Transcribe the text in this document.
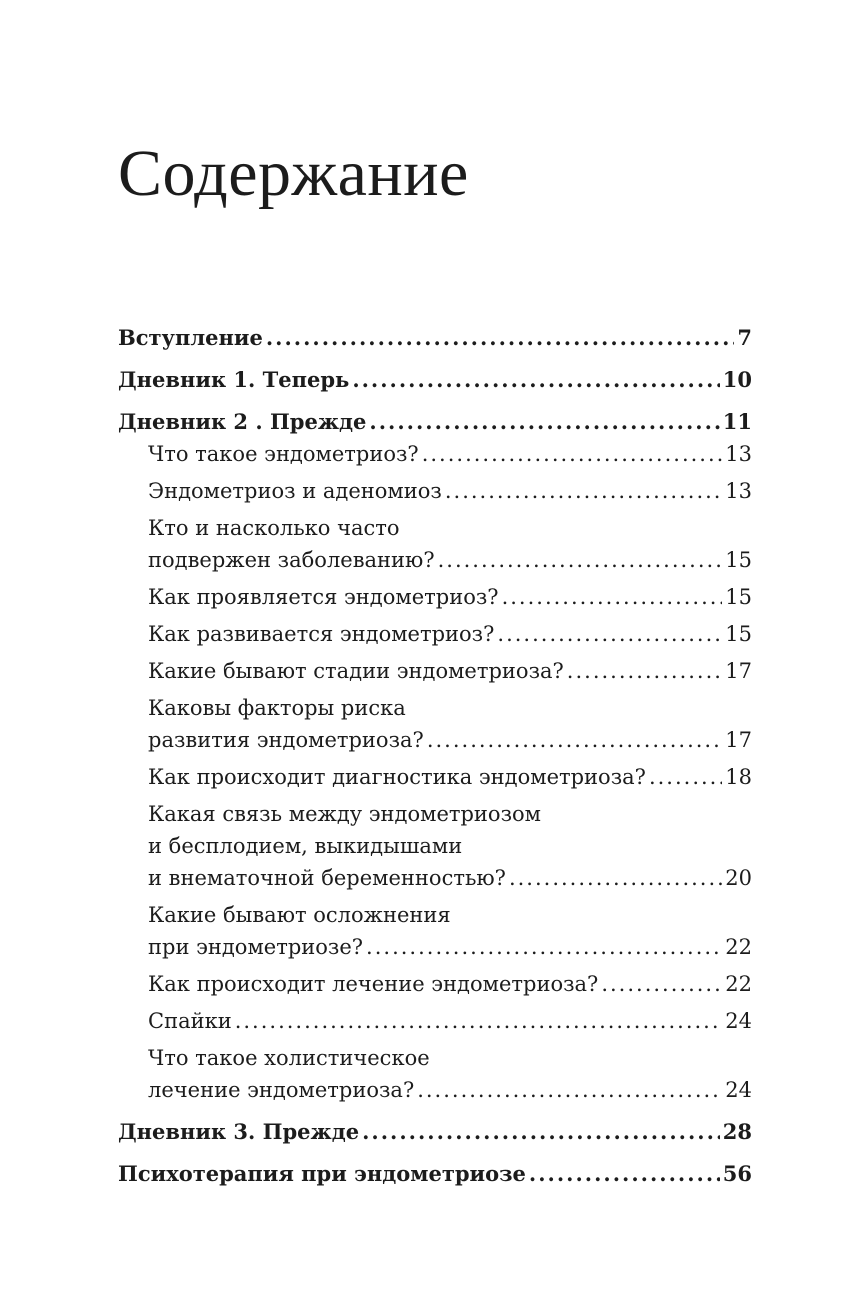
Содержание
Вступление .....	7
Дневник 1. Теперь .....	10
Дневник 2 . Прежде .....	11
Что такое эндометриоз? .....	13
Эндометриоз и аденомиоз .....	13
Кто и насколько часто
подвержен заболеванию? .....	15
Как проявляется эндометриоз? .....	15
Как развивается эндометриоз? .....	15
Какие бывают стадии эндометриоза? .....	17
Каковы факторы риска
развития эндометриоза? .....	17
Как происходит диагностика эндометриоза? .....	18
Какая связь между эндометриозом
и бесплодием, выкидышами
и внематочной беременностью? .....	20
Какие бывают осложнения
при эндометриозе? .....	22
Как происходит лечение эндометриоза? .....	22
Спайки .....	24
Что такое холистическое
лечение эндометриоза? .....	24
Дневник 3. Прежде .....	28
Психотерапия при эндометриозе .....	56
